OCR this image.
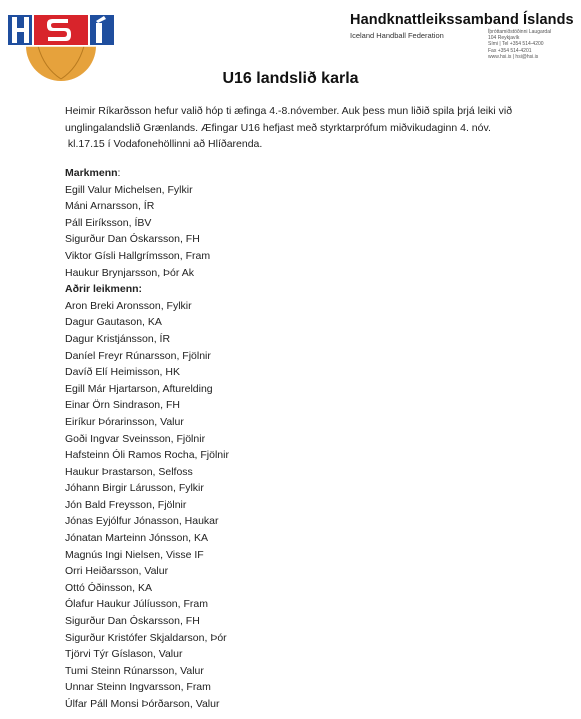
Handknattleikssamband Íslands
Iceland Handball Federation	Íþróttamiðstöðinni Laugardal
104 Reykjavík
Sími | Tel +354 514-4200
Fax +354 514-4201
www.hsi.is | hsi@hsi.is
U16 landslið karla
Heimir Ríkarðsson hefur valið hóp ti æfinga 4.-8.nóvember. Auk þess mun liðið spila þrjá leiki við
unglingalandslið Grænlands. Æfingar U16 hefjast með styrktarprófum miðvikudaginn 4. nóv.
kl.17.15 í Vodafonehöllinni að Hlíðarenda.
Markmenn:
Egill Valur Michelsen, Fylkir
Máni Arnarsson, ÍR
Páll Eiríksson, ÍBV
Sigurður Dan Óskarsson, FH
Viktor Gísli Hallgrímsson, Fram
Haukur Brynjarsson, Þór Ak
Aðrir leikmenn:
Aron Breki Aronsson, Fylkir
Dagur Gautason, KA
Dagur Kristjánsson, ÍR
Daníel Freyr Rúnarsson, Fjölnir
Davíð Elí Heimisson, HK
Egill Már Hjartarson, Afturelding
Einar Örn Sindrason, FH
Eiríkur Þórarinsson, Valur
Goði Ingvar Sveinsson, Fjölnir
Hafsteinn Óli Ramos Rocha, Fjölnir
Haukur Þrastarson, Selfoss
Jóhann Birgir Lárusson, Fylkir
Jón Bald Freysson, Fjölnir
Jónas Eyjólfur Jónasson, Haukar
Jónatan Marteinn Jónsson, KA
Magnús Ingi Nielsen, Visse IF
Orri Heiðarsson, Valur
Ottó Óðinsson, KA
Ólafur Haukur Júlíusson, Fram
Sigurður Dan Óskarsson, FH
Sigurður Kristófer Skjaldarson, Þór
Tjörvi Týr Gíslason, Valur
Tumi Steinn Rúnarsson, Valur
Unnar Steinn Ingvarsson, Fram
Úlfar Páll Monsi Þórðarson, Valur
